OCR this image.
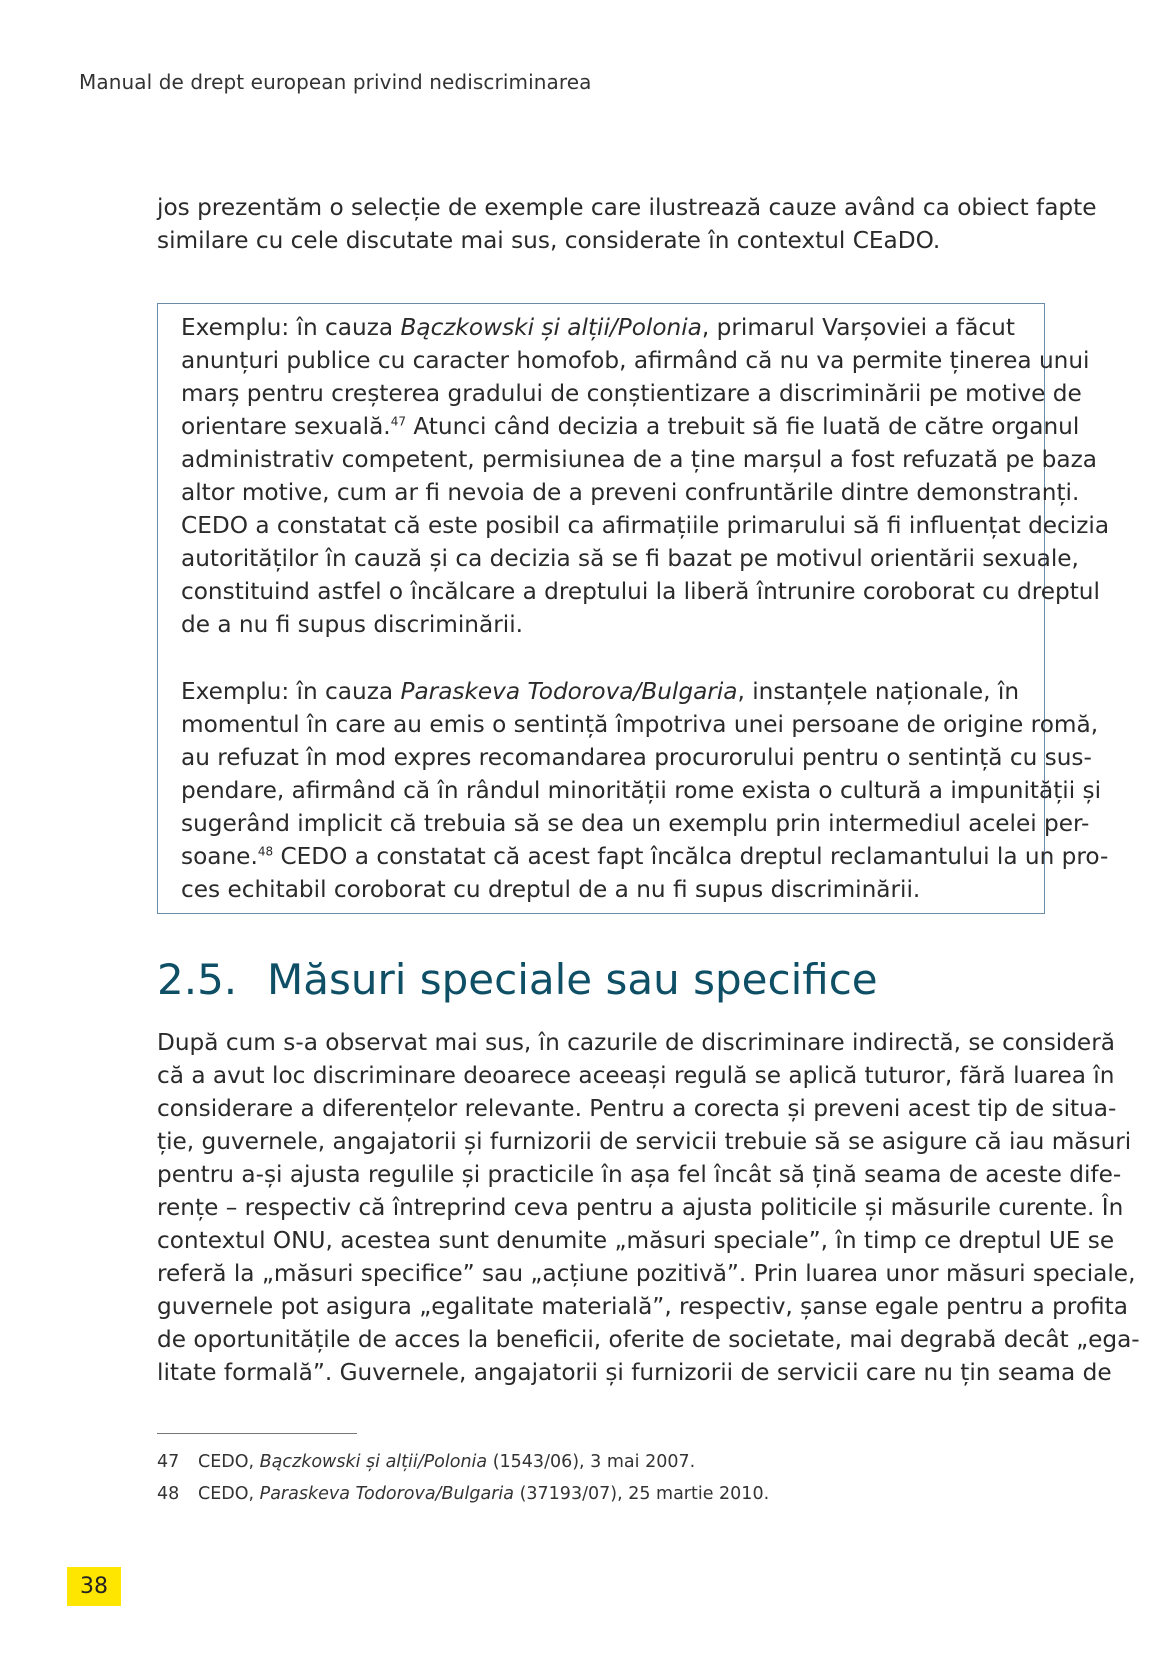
Manual de drept european privind nediscriminarea

jos prezentăm o selecție de exemple care ilustrează cauze având ca obiect fapte

similare cu cele discutate mai sus, considerate în contextul CEaDO.

Exemplu: în cauza Bączkowski și alții/Polonia, primarul Varșoviei a făcut

anunțuri publice cu caracter homofob, afirmând că nu va permite ținerea unui

marș pentru creșterea gradului de conștientizare a discriminării pe motive de

orientare sexuală.$^{47}$ Atunci când decizia a trebuit să fie luată de către organul

administrativ competent, permisiunea de a ține marșul a fost refuzată pe baza

altor motive, cum ar fi nevoia de a preveni confruntările dintre demonstranți.

CEDO a constatat că este posibil ca afirmațiile primarului să fi influențat decizia

autorităților în cauză și ca decizia să se fi bazat pe motivul orientării sexuale,

constituind astfel o încălcare a dreptului la liberă întrunire coroborat cu dreptul

de a nu fi supus discriminării.

Exemplu: în cauza Paraskeva Todorova/Bulgaria, instanțele naționale, în

momentul în care au emis o sentință împotriva unei persoane de origine romă,

au refuzat în mod expres recomandarea procurorului pentru o sentință cu sus-

pendare, afirmând că în rândul minorității rome exista o cultură a impunității și

sugerând implicit că trebuia să se dea un exemplu prin intermediul acelei per-

soane.$^{48}$ CEDO a constatat că acest fapt încălca dreptul reclamantului la un pro-

ces echitabil coroborat cu dreptul de a nu fi supus discriminării.

2.5. Măsuri speciale sau specifice

După cum s-a observat mai sus, în cazurile de discriminare indirectă, se consideră

că a avut loc discriminare deoarece aceeași regulă se aplică tuturor, fără luarea în

considerare a diferențelor relevante. Pentru a corecta și preveni acest tip de situa-

ție, guvernele, angajatorii și furnizorii de servicii trebuie să se asigure că iau măsuri

pentru a-și ajusta regulile și practicile în așa fel încât să țină seama de aceste dife-

rențe – respectiv că întreprind ceva pentru a ajusta politicile și măsurile curente. În

contextul ONU, acestea sunt denumite „măsuri speciale”, în timp ce dreptul UE se

referă la „măsuri specifice” sau „acțiune pozitivă”. Prin luarea unor măsuri speciale,

guvernele pot asigura „egalitate materială”, respectiv, șanse egale pentru a profita

de oportunitățile de acces la beneficii, oferite de societate, mai degrabă decât „ega-

litate formală”. Guvernele, angajatorii și furnizorii de servicii care nu țin seama de

47	CEDO, Bączkowski și alții/Polonia (1543/06), 3 mai 2007.
48	CEDO, Paraskeva Todorova/Bulgaria (37193/07), 25 martie 2010.
38
